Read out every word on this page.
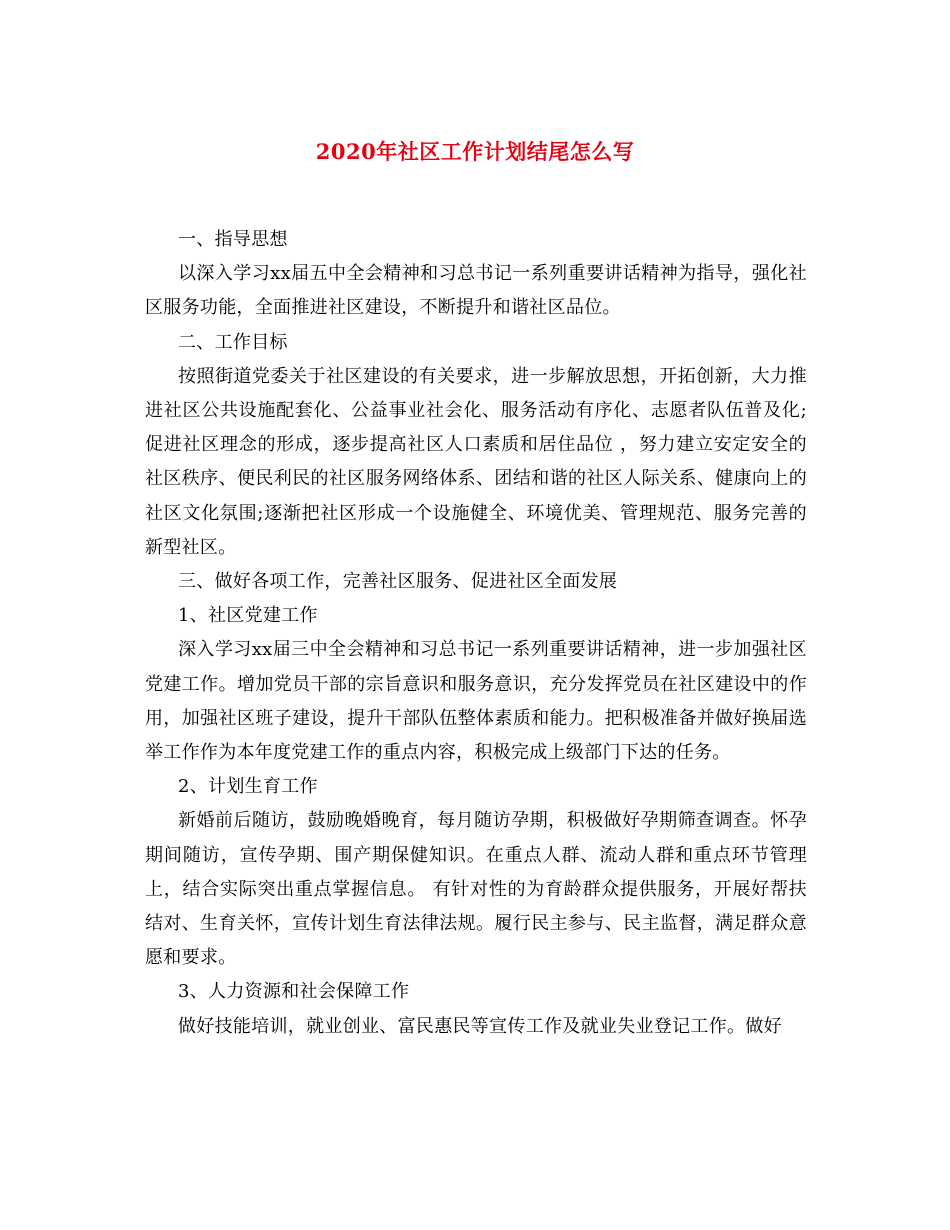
2020年社区工作计划结尾怎么写

一、指导思想

以深入学习xx届五中全会精神和习总书记一系列重要讲话精神为指导，强化社区服务功能，全面推进社区建设，不断提升和谐社区品位。

二、工作目标

按照街道党委关于社区建设的有关要求，进一步解放思想，开拓创新，大力推进社区公共设施配套化、公益事业社会化、服务活动有序化、志愿者队伍普及化;促进社区理念的形成，逐步提高社区人口素质和居住品位 ，努力建立安定安全的社区秩序、便民利民的社区服务网络体系、团结和谐的社区人际关系、健康向上的社区文化氛围;逐渐把社区形成一个设施健全、环境优美、管理规范、服务完善的新型社区。

三、做好各项工作，完善社区服务、促进社区全面发展

1、社区党建工作

深入学习xx届三中全会精神和习总书记一系列重要讲话精神，进一步加强社区党建工作。增加党员干部的宗旨意识和服务意识，充分发挥党员在社区建设中的作用，加强社区班子建设，提升干部队伍整体素质和能力。把积极准备并做好换届选举工作作为本年度党建工作的重点内容，积极完成上级部门下达的任务。

2、计划生育工作

新婚前后随访，鼓励晚婚晚育，每月随访孕期，积极做好孕期筛查调查。怀孕期间随访，宣传孕期、围产期保健知识。在重点人群、流动人群和重点环节管理上，结合实际突出重点掌握信息。 有针对性的为育龄群众提供服务，开展好帮扶结对、生育关怀，宣传计划生育法律法规。履行民主参与、民主监督，满足群众意愿和要求。

3、人力资源和社会保障工作

做好技能培训，就业创业、富民惠民等宣传工作及就业失业登记工作。做好
